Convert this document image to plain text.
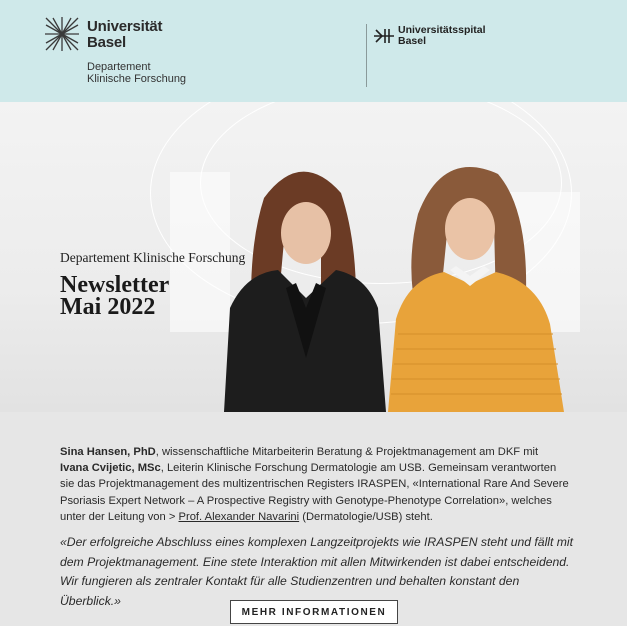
Universität
Basel
Departement
Klinische Forschung
Universitätsspital
Basel
Departement Klinische Forschung
Newsletter
Mai 2022
Sina Hansen, PhD, wissenschaftliche Mitarbeiterin Beratung & Projektmanagement am DKF mit
Ivana Cvijetic, MSc, Leiterin Klinische Forschung Dermatologie am USB. Gemeinsam verantworten sie das Projektmanagement des multizentrischen Registers IRASPEN, «International Rare And Severe Psoriasis Expert Network – A Prospective Registry with Genotype-Phenotype Correlation», welches unter der Leitung von > Prof. Alexander Navarini (Dermatologie/USB) steht.
«Der erfolgreiche Abschluss eines komplexen Langzeitprojekts wie IRASPEN steht und fällt mit dem Projektmanagement. Eine stete Interaktion mit allen Mitwirkenden ist dabei entscheidend. Wir fungieren als zentraler Kontakt für alle Studienzentren und behalten konstant den Überblick.»
MEHR INFORMATIONEN
